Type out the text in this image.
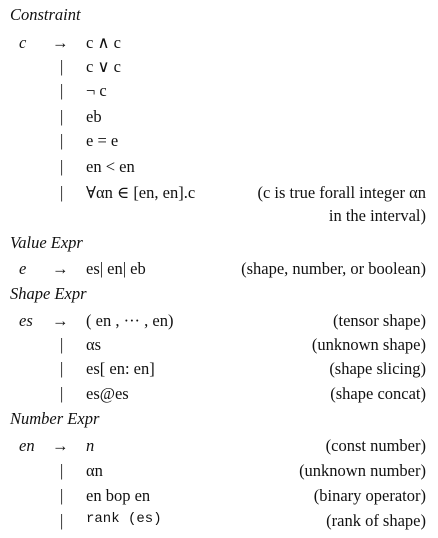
Constraint
c → c ∧ c
| c ∨ c
| ¬ c
| eb
| e = e
| en < en
| ∀αn ∈ [en, en].c	(c is true forall integer αn
in the interval)
Value Expr
e → es| en| eb	(shape, number, or boolean)
Shape Expr
es → ( en , ··· , en)	(tensor shape)
| αs	(unknown shape)
| es[ en: en]	(shape slicing)
| es@es	(shape concat)
Number Expr
en → n	(const number)
| αn	(unknown number)
| en bop en	(binary operator)
| rank (es)	(rank of shape)
